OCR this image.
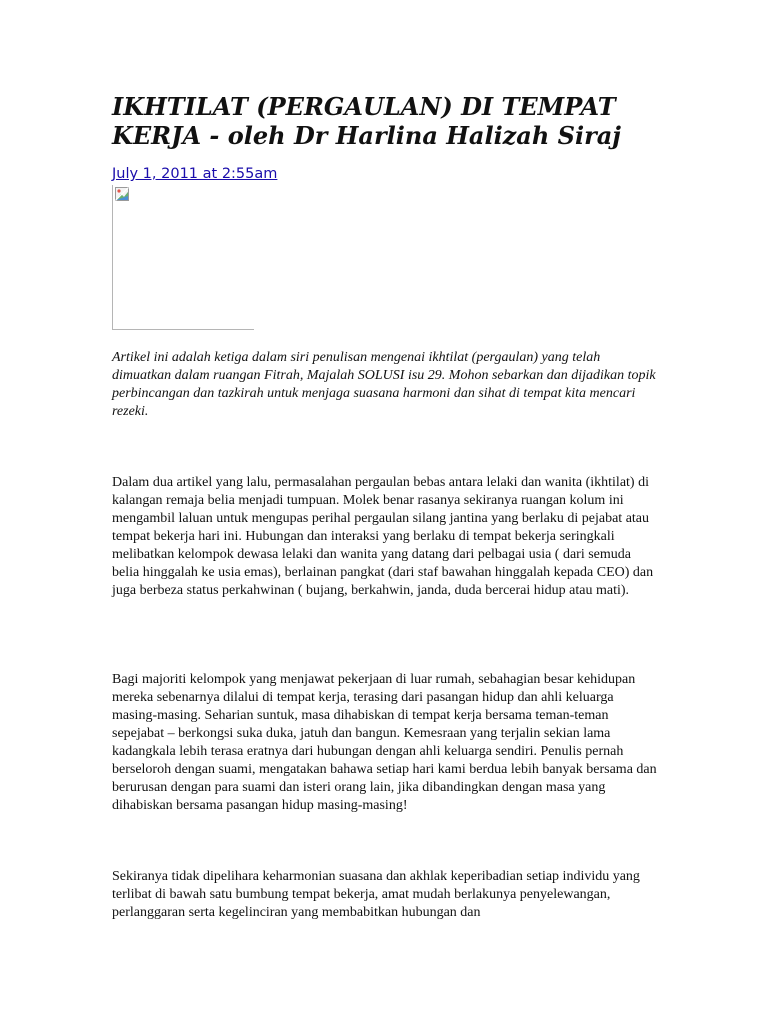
IKHTILAT (PERGAULAN) DI TEMPAT KERJA - oleh Dr Harlina Halizah Siraj
July 1, 2011 at 2:55am

Artikel ini adalah ketiga dalam siri penulisan mengenai ikhtilat (pergaulan) yang telah dimuatkan dalam ruangan Fitrah, Majalah SOLUSI isu 29. Mohon sebarkan dan dijadikan topik perbincangan dan tazkirah untuk menjaga suasana harmoni dan sihat di tempat kita mencari rezeki.

Dalam dua artikel yang lalu, permasalahan pergaulan bebas antara lelaki dan wanita (ikhtilat) di kalangan remaja belia menjadi tumpuan. Molek benar rasanya sekiranya ruangan kolum ini mengambil laluan untuk mengupas perihal pergaulan silang jantina yang berlaku di pejabat atau tempat bekerja hari ini. Hubungan dan interaksi yang berlaku di tempat bekerja seringkali melibatkan kelompok dewasa lelaki dan wanita yang datang dari pelbagai usia ( dari semuda belia hinggalah ke usia emas), berlainan pangkat (dari staf bawahan hinggalah kepada CEO) dan juga berbeza status perkahwinan ( bujang, berkahwin, janda, duda bercerai hidup atau mati).

Bagi majoriti kelompok yang menjawat pekerjaan di luar rumah, sebahagian besar kehidupan mereka sebenarnya dilalui di tempat kerja, terasing dari pasangan hidup dan ahli keluarga masing-masing. Seharian suntuk, masa dihabiskan di tempat kerja bersama teman-teman sepejabat – berkongsi suka duka, jatuh dan bangun. Kemesraan yang terjalin sekian lama kadangkala lebih terasa eratnya dari hubungan dengan ahli keluarga sendiri. Penulis pernah berseloroh dengan suami, mengatakan bahawa setiap hari kami berdua lebih banyak bersama dan berurusan dengan para suami dan isteri orang lain, jika dibandingkan dengan masa yang dihabiskan bersama pasangan hidup masing-masing!

Sekiranya tidak dipelihara keharmonian suasana dan akhlak keperibadian setiap individu yang terlibat di bawah satu bumbung tempat bekerja, amat mudah berlakunya penyelewangan, perlanggaran serta kegelinciran yang membabitkan hubungan dan
